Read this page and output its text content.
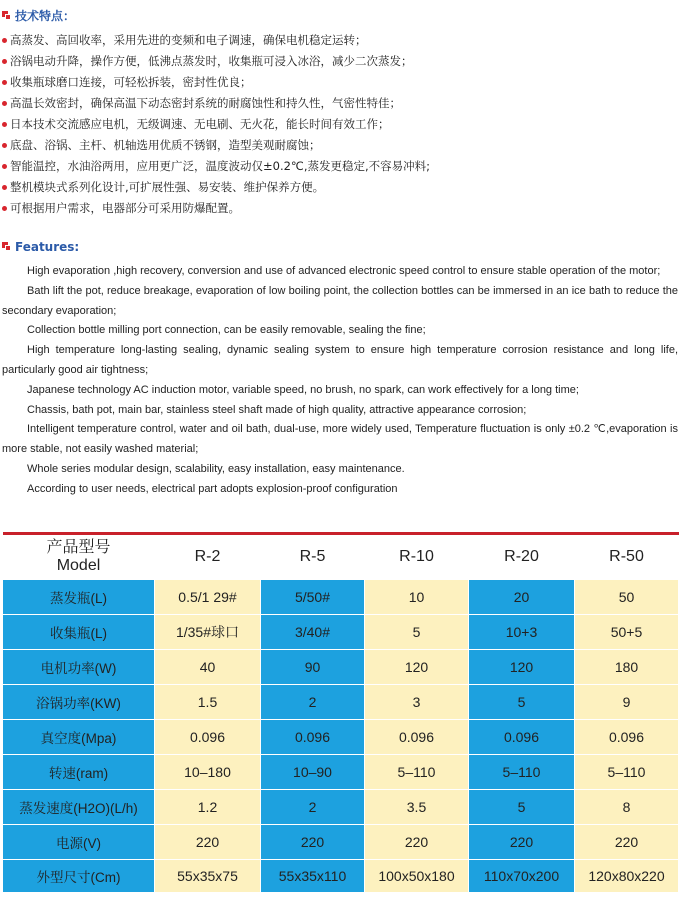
技术特点：
高蒸发、高回收率，采用先进的变频和电子调速，确保电机稳定运转；
浴锅电动升降，操作方便，低沸点蒸发时，收集瓶可浸入冰浴，减少二次蒸发；
收集瓶球磨口连接，可轻松拆装，密封性优良；
高温长效密封，确保高温下动态密封系统的耐腐蚀性和持久性，气密性特佳；
日本技术交流感应电机，无级调速、无电刷、无火花，能长时间有效工作；
底盘、浴锅、主杆、机轴选用优质不锈钢，造型美观耐腐蚀；
智能温控，水油浴两用，应用更广泛，温度波动仅±0.2℃,蒸发更稳定,不容易冲料;
整机模块式系列化设计,可扩展性强、易安装、维护保养方便。
可根据用户需求，电器部分可采用防爆配置。
Features:

High evaporation ,high recovery, conversion and use of advanced electronic speed control to ensure stable operation of the motor;

Bath lift the pot, reduce breakage, evaporation of low boiling point, the collection bottles can be immersed in an ice bath to reduce the secondary evaporation;

Collection bottle milling port connection, can be easily removable, sealing the fine;

High temperature long-lasting sealing, dynamic sealing system to ensure high temperature corrosion resistance and long life, particularly good air tightness;

Japanese technology AC induction motor, variable speed, no brush, no spark, can work effectively for a long time;

Chassis, bath pot, main bar, stainless steel shaft made of high quality, attractive appearance corrosion;

Intelligent temperature control, water and oil bath, dual-use, more widely used, Temperature fluctuation is only ±0.2 ℃,evaporation is more stable, not easily washed material;

Whole series modular design, scalability, easy installation, easy maintenance.

According to user needs, electrical part adopts explosion-proof configuration

产品型号
Model	R-2	R-5	R-10	R-20	R-50
蒸发瓶(L)	0.5/1 29#	5/50#	10	20	50
收集瓶(L)	1/35#球口	3/40#	5	10+3	50+5
电机功率(W)	40	90	120	120	180
浴锅功率(KW)	1.5	2	3	5	9
真空度(Mpa)	0.096	0.096	0.096	0.096	0.096
转速(ram)	10–180	10–90	5–110	5–110	5–110
蒸发速度(H2O)(L/h)	1.2	2	3.5	5	8
电源(V)	220	220	220	220	220
外型尺寸(Cm)	55x35x75	55x35x110	100x50x180	110x70x200	120x80x220
